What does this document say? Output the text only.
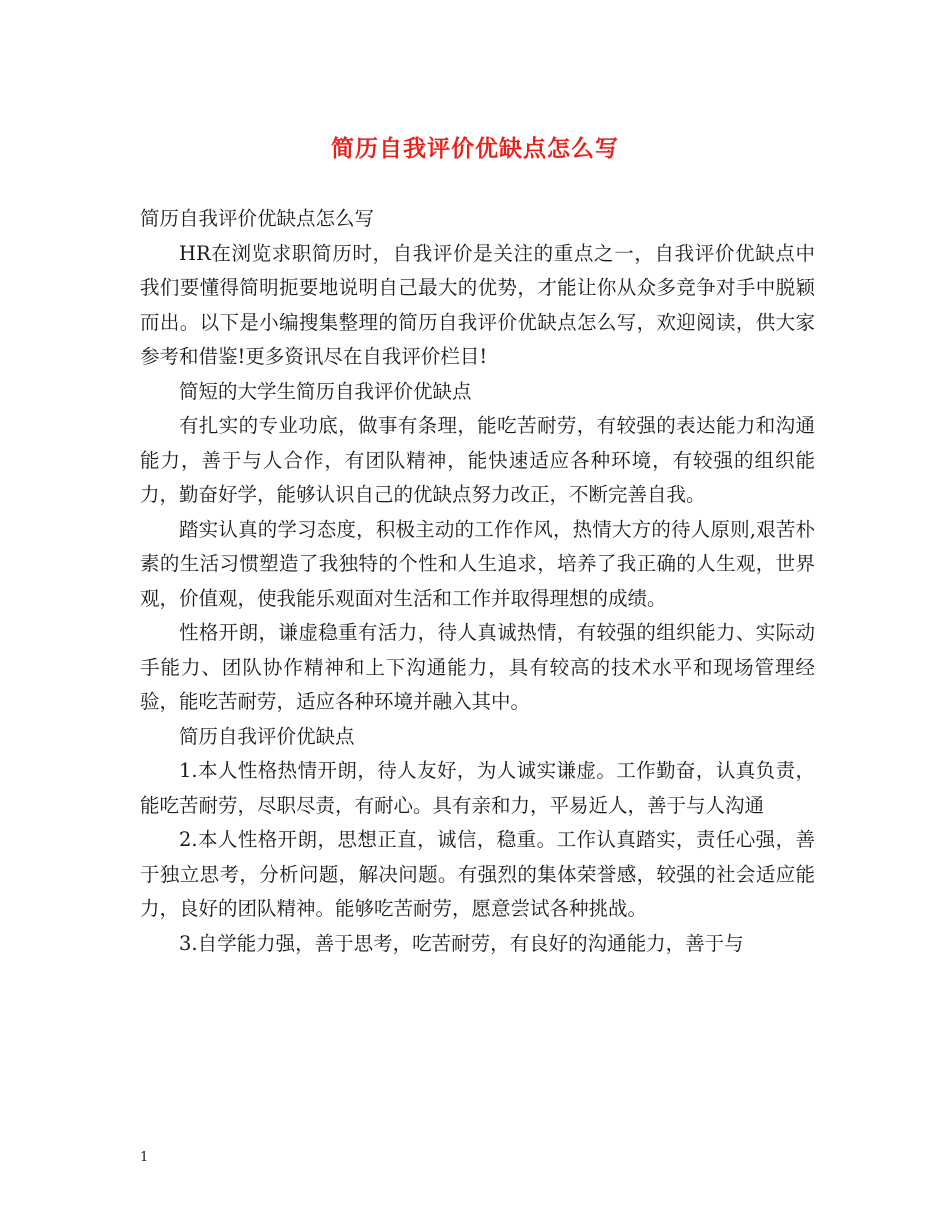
简历自我评价优缺点怎么写

简历自我评价优缺点怎么写

HR在浏览求职简历时，自我评价是关注的重点之一，自我评价优缺点中我们要懂得简明扼要地说明自己最大的优势，才能让你从众多竞争对手中脱颖而出。以下是小编搜集整理的简历自我评价优缺点怎么写，欢迎阅读，供大家参考和借鉴!更多资讯尽在自我评价栏目!

简短的大学生简历自我评价优缺点

有扎实的专业功底，做事有条理，能吃苦耐劳，有较强的表达能力和沟通能力，善于与人合作，有团队精神，能快速适应各种环境，有较强的组织能力，勤奋好学，能够认识自己的优缺点努力改正，不断完善自我。

踏实认真的学习态度，积极主动的工作作风，热情大方的待人原则,艰苦朴素的生活习惯塑造了我独特的个性和人生追求，培养了我正确的人生观，世界观，价值观，使我能乐观面对生活和工作并取得理想的成绩。

性格开朗，谦虚稳重有活力，待人真诚热情，有较强的组织能力、实际动手能力、团队协作精神和上下沟通能力，具有较高的技术水平和现场管理经验，能吃苦耐劳，适应各种环境并融入其中。

简历自我评价优缺点

1.本人性格热情开朗，待人友好，为人诚实谦虚。工作勤奋，认真负责，能吃苦耐劳，尽职尽责，有耐心。具有亲和力，平易近人，善于与人沟通

2.本人性格开朗，思想正直，诚信，稳重。工作认真踏实，责任心强，善于独立思考，分析问题，解决问题。有强烈的集体荣誉感，较强的社会适应能力，良好的团队精神。能够吃苦耐劳，愿意尝试各种挑战。

3.自学能力强，善于思考，吃苦耐劳，有良好的沟通能力，善于与

1
